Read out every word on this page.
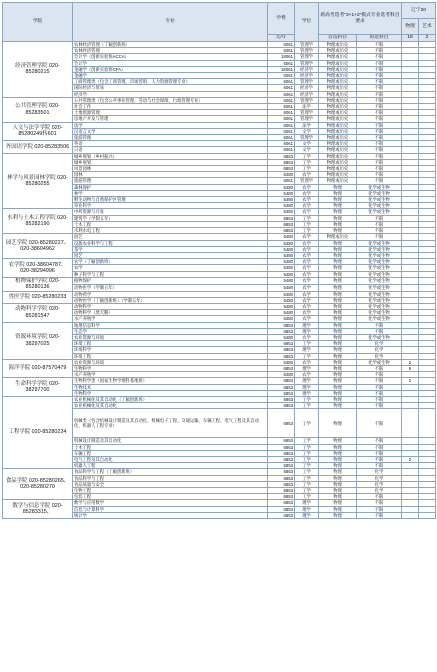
学院	专业	学费	学位	新高考选考"3+1+2"模式专业选考科目要求		辽宁20	
						物理	艺术
		元/年		首选科目	再选科目	18	2
经济管理学院 020-85280215	农林经济管理（丁颖创新班）	6061	管理学	物理或历史	不限		
	农林经济管理	6061	管理学	物理或历史	不限		
	会计学（创新实验班ACCA）	18061	管理学	物理或历史	不限		
	会计学	6061	管理学	物理或历史	不限		
	金融学（创新实验班CFA）	18061	经济学	物理或历史	不限		
	金融学	6061	经济学	物理或历史	不限		
	工商管理类（包含工商管理、市场营销、人力资源管理专业）	6061	管理学	物理或历史	不限		
	国际经济与贸易	6061	经济学	物理或历史	不限		
	经济学	6061	经济学	物理或历史	不限		
公共管理学院 020-85283501	公共管理类（包含公共事业管理、劳动与社会保障、行政管理专业）	6061	管理学	物理或历史	不限		
	社会工作	6061	法学	物理或历史	不限		
	土地资源管理	6061	管理学	物理或历史	不限		
	房地产开发与管理	6061	管理学	物理或历史	不限		
人文与法学学院 020-85280249转601	法学	6061	法学	物理或历史	不限		
	汉语言文学	6061	文学	物理或历史	不限		
	旅游管理	6061	管理学	物理或历史	不限		
外国语学院 020-85283506	英语	6061	文学	物理或历史	不限		
	日语	6061	文学	物理或历史	不限		
林学与风景园林学院 020-85280255	城乡规划（乡村振兴）	6853	工学	物理或历史	不限		
	城乡规划	6853	工学	物理或历史	不限		
	风景园林	6853	工学	物理或历史	不限		
	园林	5480	农学	物理或历史	不限		
	旅游管理	6061	管理学	物理或历史	不限		
	森林保护	5480	农学	物理	化学或生物		
	林学	5480	农学	物理	化学或生物		
	野生动物与自然保护区管理	5480	农学	物理	化学或生物		
	草业科学	5480	农学	物理	化学或生物		
水利与土木工程学院 020-85282190	中药资源与开发	5480	农学	物理	化学或生物		
	建筑学（学制五年）	6853	工学	物理	不限		
	土木工程	6853	工学	物理	不限		
	水利水电工程	6853	工学	物理	不限		
园艺学院 020-85280227、020-38604962	园艺	5480	农学	物理或历史	不限		
	设施农业科学与工程	5480	农学	物理	化学或生物		
	茶学	5480	农学	物理	化学或生物		
	园艺	5480	农学	物理	化学或生物		
农学院 020-38604787、020-38294996	农学（丁颖创新班）	5480	农学	物理	化学或生物		
	农学	5480	农学	物理	化学或生物		
	种子科学与工程	5480	农学	物理	化学或生物		
植物保护学院 020-85280136	植物保护	5480	农学	物理	化学或生物		
	动物医学（学制五年）	5480	农学	物理	化学或生物		
兽医学院 020-85280233	动物药学	5480	农学	物理	化学或生物		
	动物医学（丁颖创新班）（学制五年）	5480	农学	物理	化学或生物		
动物科学学院 020-85281547	动物科学	5480	农学	物理	化学或生物		
	动物科学（黑天鹅）	5480	农学	物理	化学或生物		
	水产养殖学	5480	农学	物理	化学或生物		
资源环境学院 020-38297025	地理信息科学	6853	理学	物理	不限		
	生态学	6853	理学	物理	不限		
	农业资源与环境	5480	农学	物理	化学或生物		
	环境工程	6853	工学	物理	化学		
	环境科学	6853	理学	物理	化学		
	环境工程	6853	工学	物理	化学		
海洋学院 020-87570479	农业资源与环境	5480	农学	物理	化学或生物	2	
	生物科学	6853	理学	物理	不限	6	
	水产养殖学	5480	农学	物理	不限		
生命科学学院 020-38297700	生物科学类（国家生物学理科基地班）	6853	理学	物理	不限	2	
	生物技术	6853	理学	物理	不限		
	生物科学	6853	理学	物理	不限		
工程学院 020-85280224	农业机械化及其自动化（丁颖创新班）	6853	工学	物理	不限		
	农业机械化及其自动化	6853	工学	物理	不限		
	机械类（包含机械设计制造及其自动化、机械电子工程、交通运输、车辆工程、电气工程及其自动化、机器人工程专业）	6853	工学	物理	不限		
	机械设计制造及其自动化	6853	工学	物理	不限		
	土木工程	6853	工学	物理	不限		
	车辆工程	6853	工学	物理	不限		
	电气工程及其自动化	6853	工学	物理	不限	2	
	机器人工程	6853	工学	物理	不限		
食品学院 020-85280265、020-85280270	食品科学与工程（丁颖创新班）	6853	工学	物理	化学		
	食品科学与工程	6853	工学	物理	化学		
	食品质量与安全	6853	工学	物理	化学		
	生物工程	6853	工学	物理	化学		
	包装工程	6853	工学	物理	不限		
数学与信息学院 020-85283315、	数学与应用数学	6853	理学	物理	不限		
	信息与计算科学	6853	理学	物理	不限		
	统计学	6853	理学	物理	不限		
